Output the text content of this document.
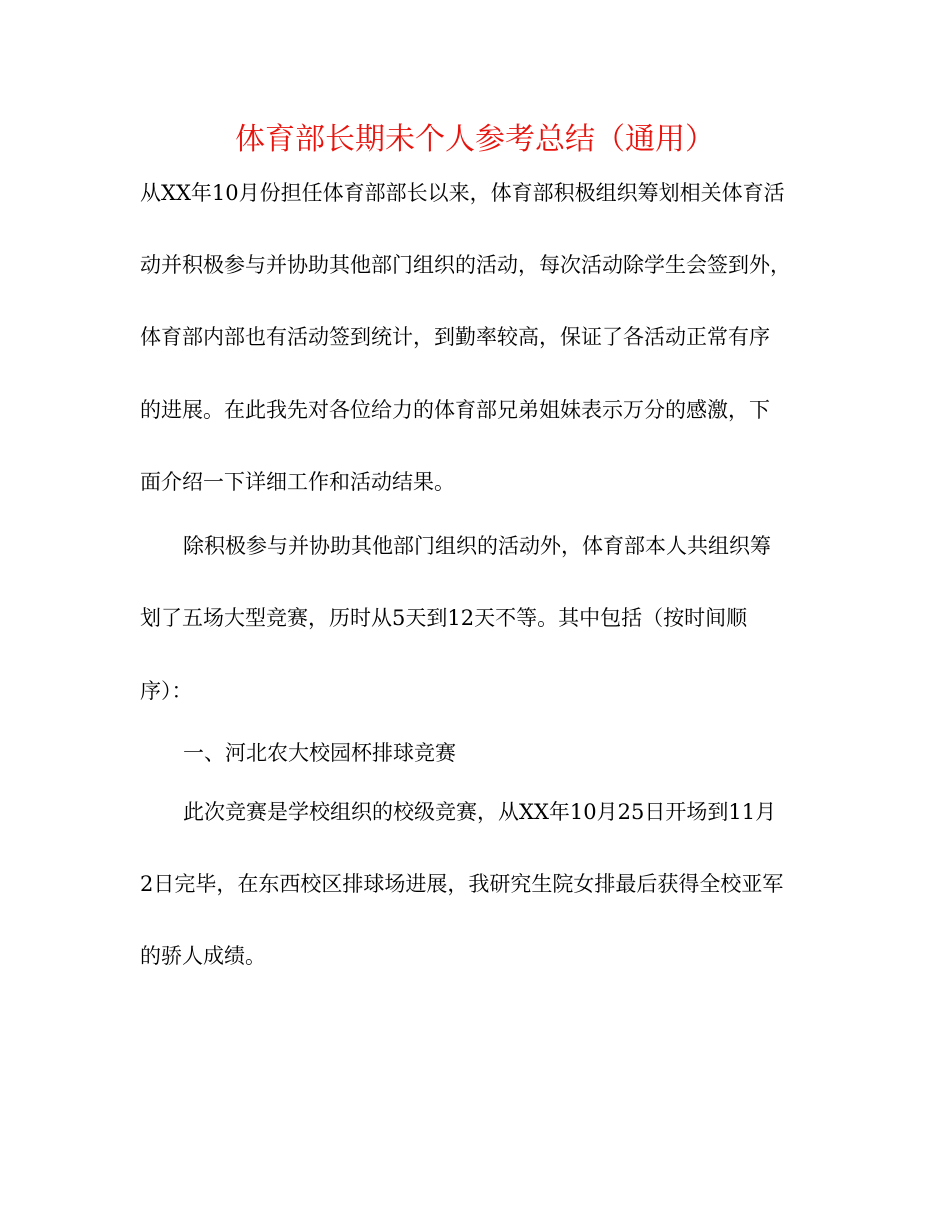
体育部长期未个人参考总结（通用）
从XX年10月份担任体育部部长以来，体育部积极组织筹划相关体育活
动并积极参与并协助其他部门组织的活动，每次活动除学生会签到外，
体育部内部也有活动签到统计，到勤率较高，保证了各活动正常有序
的进展。在此我先对各位给力的体育部兄弟姐妹表示万分的感激，下
面介绍一下详细工作和活动结果。
除积极参与并协助其他部门组织的活动外，体育部本人共组织筹
划了五场大型竞赛，历时从5天到12天不等。其中包括（按时间顺
序）：
一、河北农大校园杯排球竞赛
此次竞赛是学校组织的校级竞赛，从XX年10月25日开场到11月
2日完毕，在东西校区排球场进展，我研究生院女排最后获得全校亚军
的骄人成绩。
